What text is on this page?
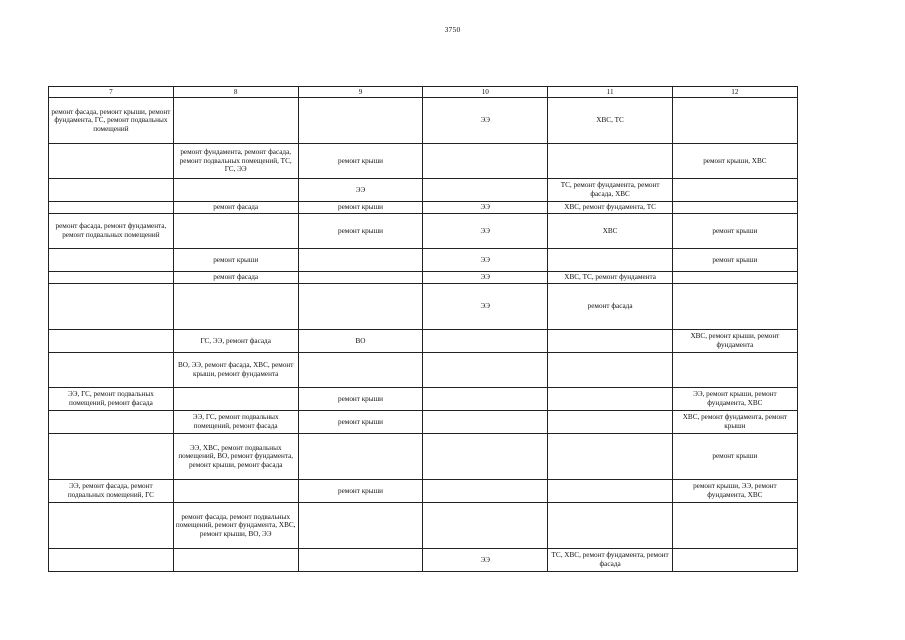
3750
7	8	9	10	11	12
ремонт фасада, ремонт крыши, ремонт фундамента, ГС, ремонт подвальных помещений			ЭЭ	ХВС, ТС	
	ремонт фундамента, ремонт фасада, ремонт подвальных помещений, ТС, ГС, ЭЭ	ремонт крыши			ремонт крыши, ХВС
		ЭЭ		ТС, ремонт фундамента, ремонт фасада, ХВС	
	ремонт фасада	ремонт крыши	ЭЭ	ХВС, ремонт фундамента, ТС	
ремонт фасада, ремонт фундамента, ремонт подвальных помещений		ремонт крыши	ЭЭ	ХВС	ремонт крыши
	ремонт крыши		ЭЭ		ремонт крыши
	ремонт фасада		ЭЭ	ХВС, ТС, ремонт фундамента	
			ЭЭ	ремонт фасада	
	ГС, ЭЭ, ремонт фасада	ВО			ХВС, ремонт крыши, ремонт фундамента
	ВО, ЭЭ, ремонт фасада, ХВС, ремонт крыши, ремонт фундамента				
ЭЭ, ГС, ремонт подвальных помещений, ремонт фасада		ремонт крыши			ЭЭ, ремонт крыши, ремонт фундамента, ХВС
	ЭЭ, ГС, ремонт подвальных помещений, ремонт фасада	ремонт крыши			ХВС, ремонт фундамента, ремонт крыши
	ЭЭ, ХВС, ремонт подвальных помещений, ВО, ремонт фундамента, ремонт крыши, ремонт фасада				ремонт крыши
ЭЭ, ремонт фасада, ремонт подвальных помещений, ГС		ремонт крыши			ремонт крыши, ЭЭ, ремонт фундамента, ХВС
	ремонт фасада, ремонт подвальных помещений, ремонт фундамента, ХВС, ремонт крыши, ВО, ЭЭ				
			ЭЭ	ТС, ХВС, ремонт фундамента, ремонт фасада	
